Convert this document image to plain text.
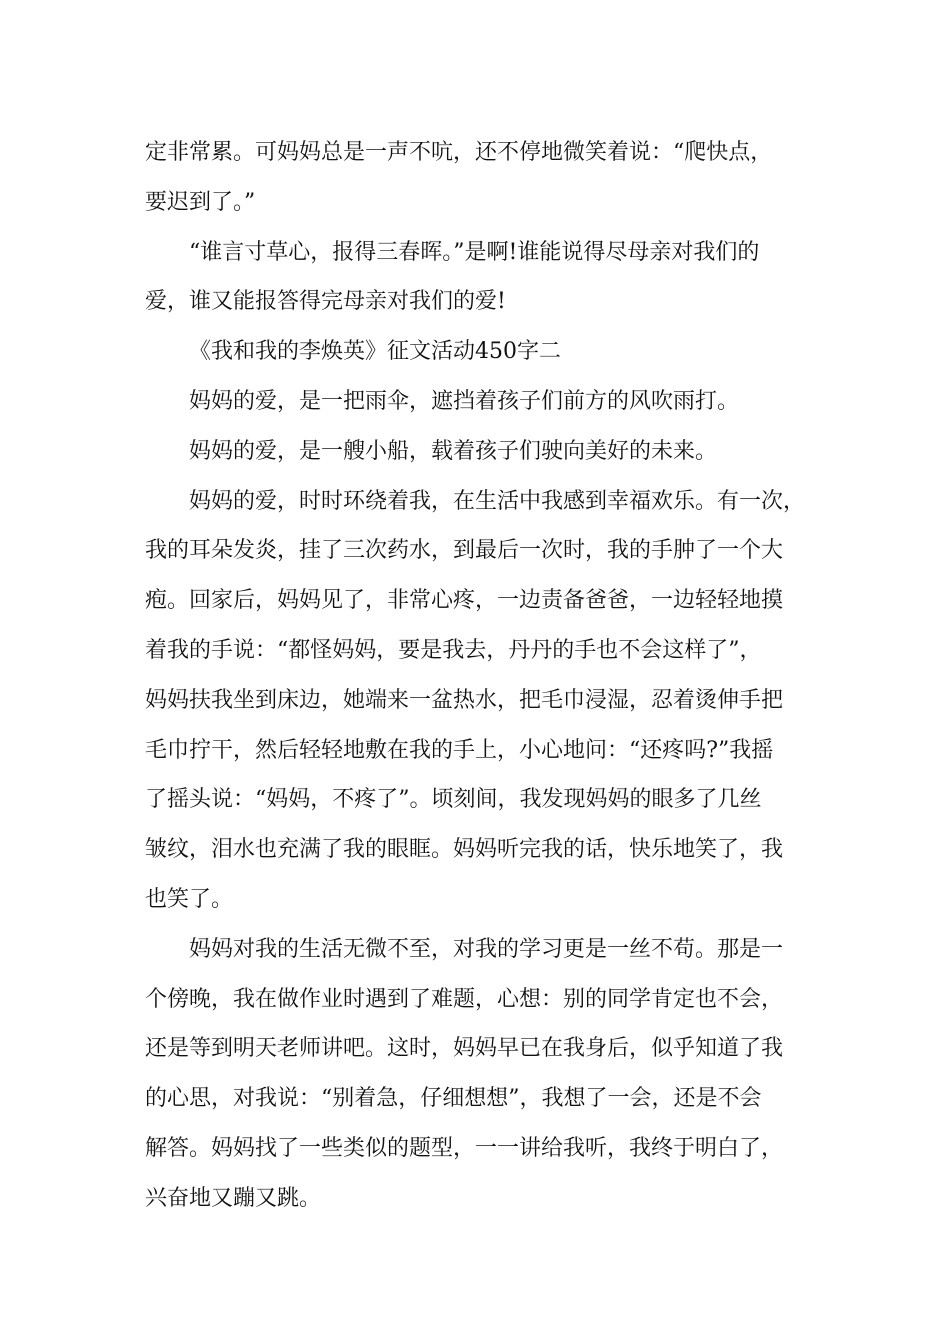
定非常累。可妈妈总是一声不吭，还不停地微笑着说：“爬快点，
要迟到了。”
“谁言寸草心，报得三春晖。”是啊!谁能说得尽母亲对我们的
爱，谁又能报答得完母亲对我们的爱!
《我和我的李焕英》征文活动450字二
妈妈的爱，是一把雨伞，遮挡着孩子们前方的风吹雨打。
妈妈的爱，是一艘小船，载着孩子们驶向美好的未来。
妈妈的爱，时时环绕着我，在生活中我感到幸福欢乐。有一次，
我的耳朵发炎，挂了三次药水，到最后一次时，我的手肿了一个大
疱。回家后，妈妈见了，非常心疼，一边责备爸爸，一边轻轻地摸
着我的手说：“都怪妈妈，要是我去，丹丹的手也不会这样了”，
妈妈扶我坐到床边，她端来一盆热水，把毛巾浸湿，忍着烫伸手把
毛巾拧干，然后轻轻地敷在我的手上，小心地问：“还疼吗?”我摇
了摇头说：“妈妈，不疼了”。顷刻间，我发现妈妈的眼多了几丝
皱纹，泪水也充满了我的眼眶。妈妈听完我的话，快乐地笑了，我
也笑了。
妈妈对我的生活无微不至，对我的学习更是一丝不苟。那是一
个傍晚，我在做作业时遇到了难题，心想：别的同学肯定也不会，
还是等到明天老师讲吧。这时，妈妈早已在我身后，似乎知道了我
的心思，对我说：“别着急，仔细想想”，我想了一会，还是不会
解答。妈妈找了一些类似的题型，一一讲给我听，我终于明白了，
兴奋地又蹦又跳。
